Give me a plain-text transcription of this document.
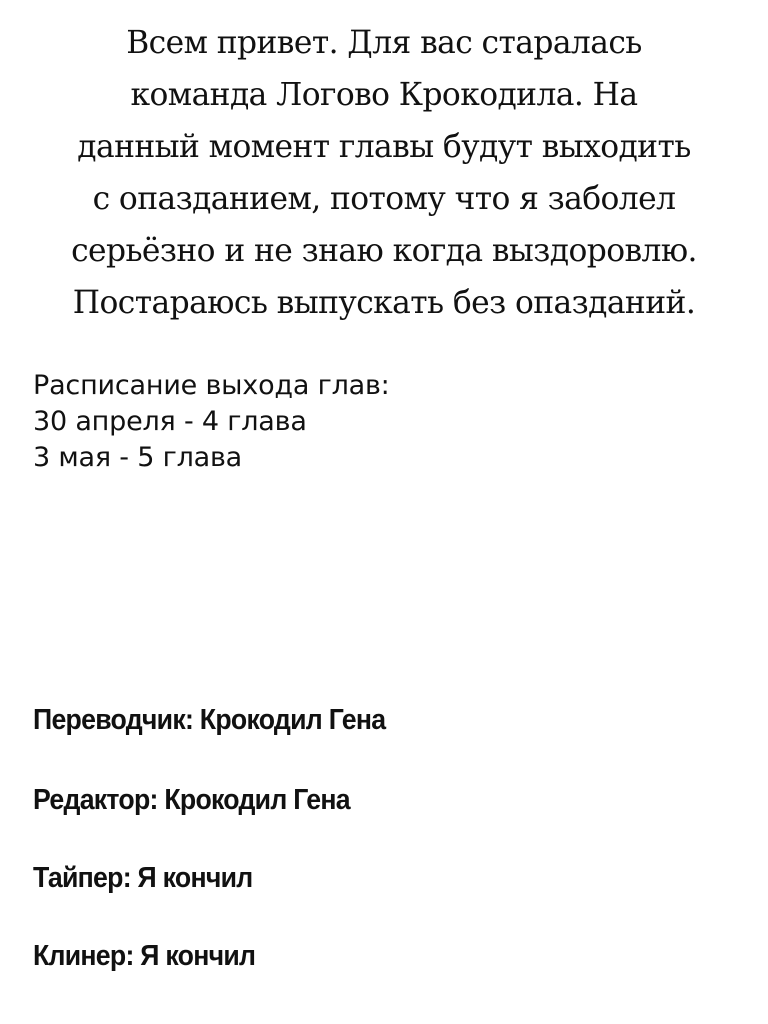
Всем привет. Для вас старалась
команда Логово Крокодила. На
данный момент главы будут выходить
с опазданием, потому что я заболел
серьёзно и не знаю когда выздоровлю.
Постараюсь выпускать без опазданий.
Расписание выхода глав:
30 апреля - 4 глава
3 мая - 5 глава
Переводчик: Крокодил Гена
Редактор: Крокодил Гена
Тайпер: Я кончил
Клинер: Я кончил
